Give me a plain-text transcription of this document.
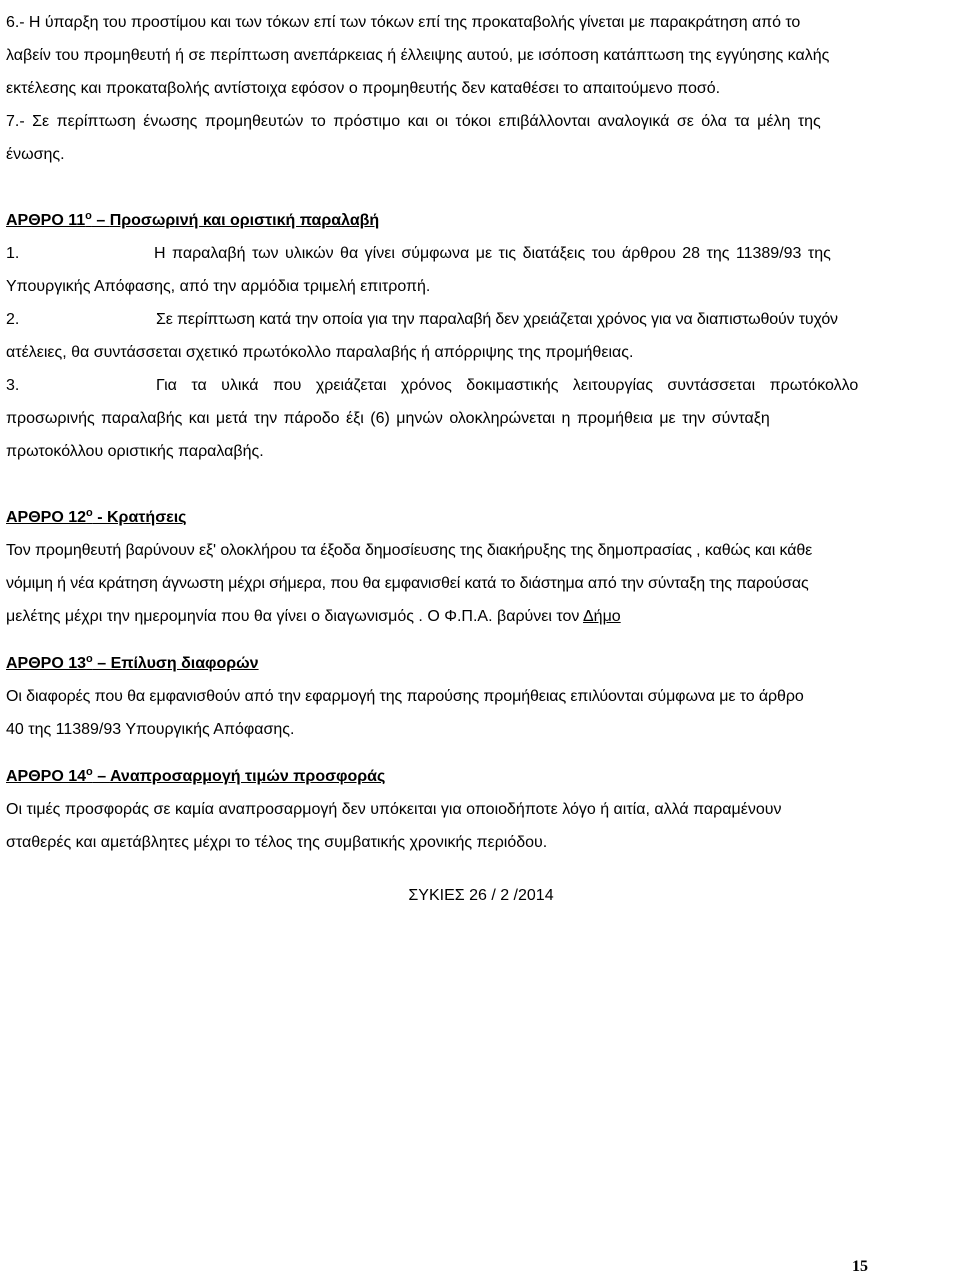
6.- Η ύπαρξη του προστίμου και των τόκων επί των τόκων επί της προκαταβολής γίνεται με παρακράτηση από το
λαβείν του προμηθευτή ή σε περίπτωση ανεπάρκειας ή έλλειψης αυτού, με ισόποση κατάπτωση της εγγύησης καλής
εκτέλεσης και προκαταβολής αντίστοιχα εφόσον ο προμηθευτής δεν καταθέσει το απαιτούμενο ποσό.
7.- Σε περίπτωση ένωσης προμηθευτών το πρόστιμο και οι τόκοι επιβάλλονται αναλογικά σε όλα τα μέλη της
ένωσης.
ΑΡΘΡΟ $11^o$ – Προσωρινή και οριστική παραλαβή
1.	Η παραλαβή των υλικών θα γίνει σύμφωνα με τις διατάξεις του άρθρου 28 της 11389/93 της
Υπουργικής Απόφασης, από την αρμόδια τριμελή επιτροπή.
2.	Σε περίπτωση κατά την οποία για την παραλαβή δεν χρειάζεται χρόνος για να διαπιστωθούν τυχόν
ατέλειες, θα συντάσσεται σχετικό πρωτόκολλο παραλαβής ή απόρριψης της προμήθειας.
3.	Για τα υλικά που χρειάζεται χρόνος δοκιμαστικής λειτουργίας συντάσσεται πρωτόκολλο
προσωρινής παραλαβής και μετά την πάροδο έξι (6) μηνών ολοκληρώνεται η προμήθεια με την σύνταξη
πρωτοκόλλου οριστικής παραλαβής.
ΑΡΘΡΟ $12^o$ - Κρατήσεις
Τον προμηθευτή βαρύνουν εξ' ολοκλήρου τα έξοδα δημοσίευσης της διακήρυξης της δημοπρασίας , καθώς και κάθε
νόμιμη ή νέα κράτηση άγνωστη μέχρι σήμερα, που θα εμφανισθεί κατά το διάστημα από την σύνταξη της παρούσας
μελέτης μέχρι την ημερομηνία που θα γίνει ο διαγωνισμός . Ο Φ.Π.Α. βαρύνει τον Δήμο
ΑΡΘΡΟ $13^o$ – Επίλυση διαφορών
Οι διαφορές που θα εμφανισθούν από την εφαρμογή της παρούσης προμήθειας επιλύονται σύμφωνα με το άρθρο
40 της 11389/93 Υπουργικής Απόφασης.
ΑΡΘΡΟ $14^o$ – Αναπροσαρμογή τιμών προσφοράς
Οι τιμές προσφοράς σε καμία αναπροσαρμογή δεν υπόκειται για οποιοδήποτε λόγο ή αιτία, αλλά παραμένουν
σταθερές και αμετάβλητες μέχρι το τέλος της συμβατικής χρονικής περιόδου.
ΣΥΚΙΕΣ 26 / 2 /2014
15
